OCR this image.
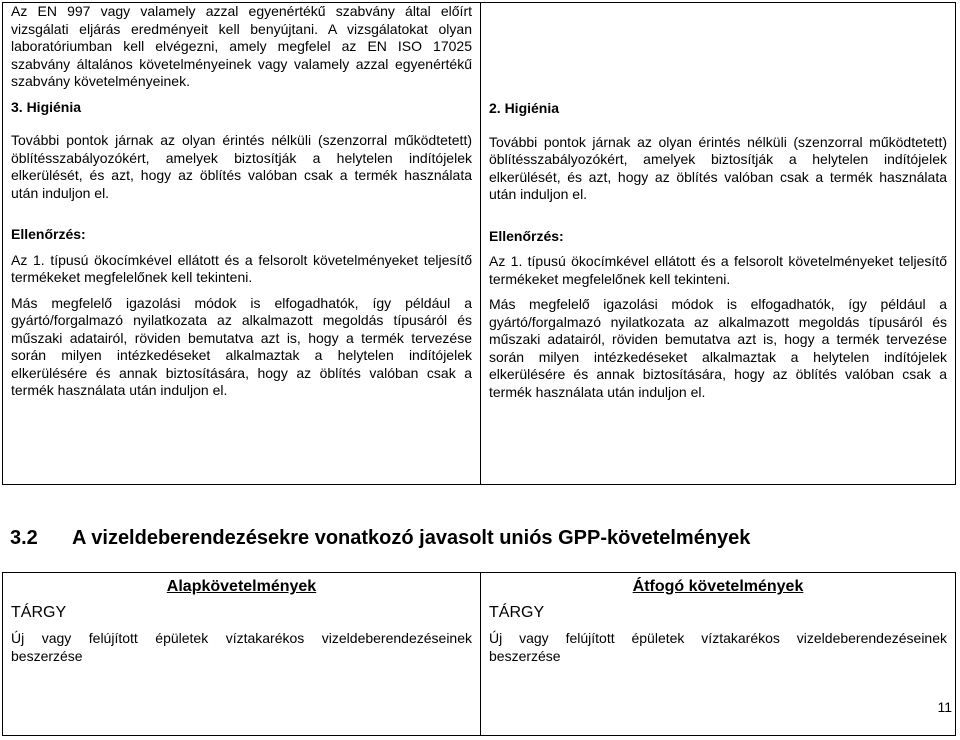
Az EN 997 vagy valamely azzal egyenértékű szabvány által előírt vizsgálati eljárás eredményeit kell benyújtani. A vizsgálatokat olyan laboratóriumban kell elvégezni, amely megfelel az EN ISO 17025 szabvány általános követelményeinek vagy valamely azzal egyenértékű szabvány követelményeinek.

3. Higiénia

További pontok járnak az olyan érintés nélküli (szenzorral működtetett) öblítésszabályozókért, amelyek biztosítják a helytelen indítójelek elkerülését, és azt, hogy az öblítés valóban csak a termék használata után induljon el.

Ellenőrzés:

Az 1. típusú ökocímkével ellátott és a felsorolt követelményeket teljesítő termékeket megfelelőnek kell tekinteni.

Más megfelelő igazolási módok is elfogadhatók, így például a gyártó/forgalmazó nyilatkozata az alkalmazott megoldás típusáról és műszaki adatairól, röviden bemutatva azt is, hogy a termék tervezése során milyen intézkedéseket alkalmaztak a helytelen indítójelek elkerülésére és annak biztosítására, hogy az öblítés valóban csak a termék használata után induljon el.

2. Higiénia

További pontok járnak az olyan érintés nélküli (szenzorral működtetett) öblítésszabályozókért, amelyek biztosítják a helytelen indítójelek elkerülését, és azt, hogy az öblítés valóban csak a termék használata után induljon el.

Ellenőrzés:

Az 1. típusú ökocímkével ellátott és a felsorolt követelményeket teljesítő termékeket megfelelőnek kell tekinteni.

Más megfelelő igazolási módok is elfogadhatók, így például a gyártó/forgalmazó nyilatkozata az alkalmazott megoldás típusáról és műszaki adatairól, röviden bemutatva azt is, hogy a termék tervezése során milyen intézkedéseket alkalmaztak a helytelen indítójelek elkerülésére és annak biztosítására, hogy az öblítés valóban csak a termék használata után induljon el.

3.2 A vizeldeberendezésekre vonatkozó javasolt uniós GPP-követelmények

Alapkövetelmények

TÁRGY

Új vagy felújított épületek víztakarékos vizeldeberendezéseinek beszerzése

Átfogó követelmények

TÁRGY

Új vagy felújított épületek víztakarékos vizeldeberendezéseinek beszerzése

11
